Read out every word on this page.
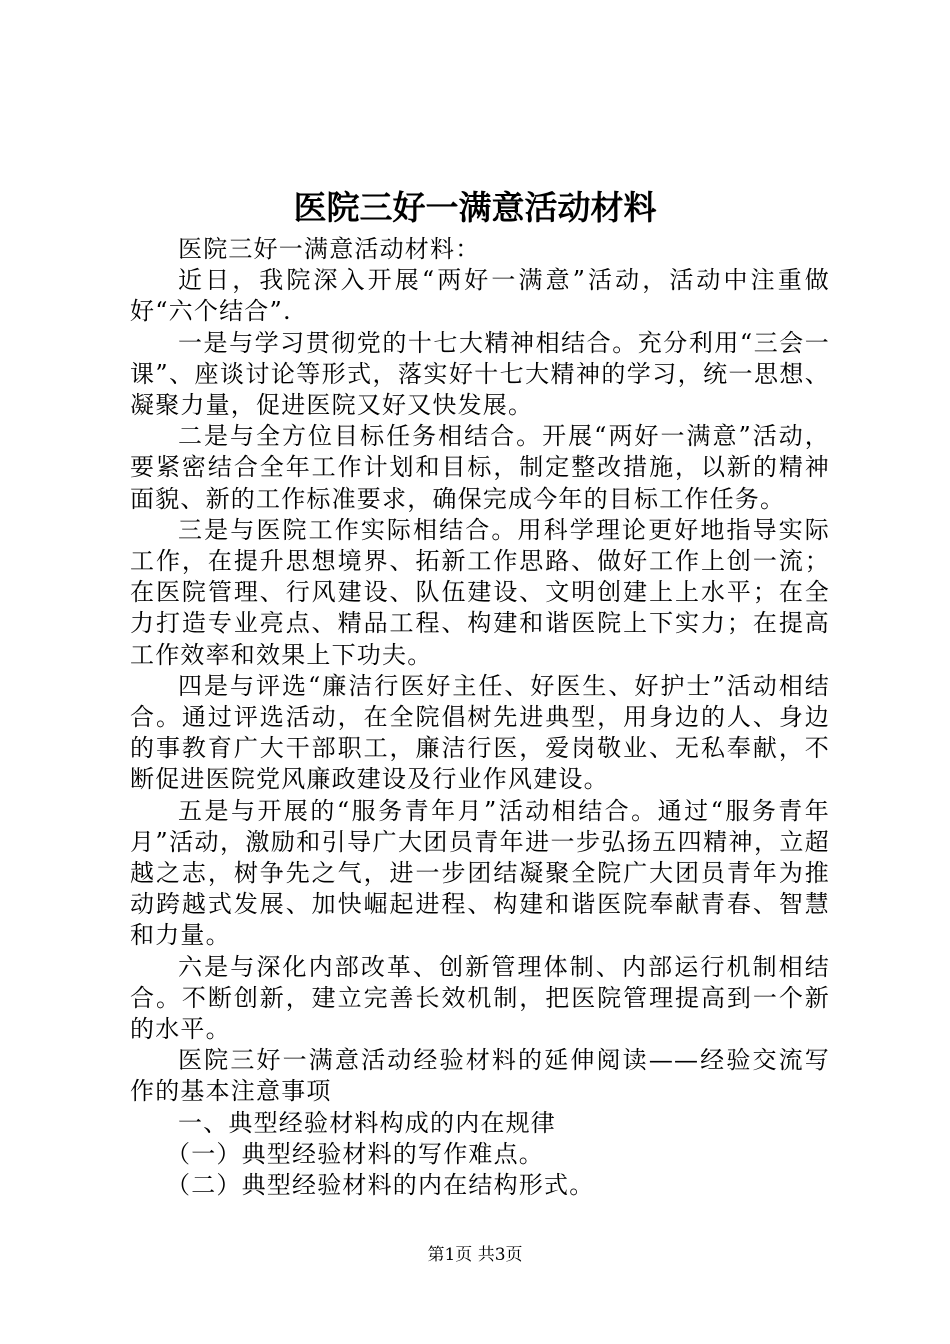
医院三好一满意活动材料

医院三好一满意活动材料：

近日，我院深入开展“两好一满意”活动，活动中注重做好“六个结合”.

一是与学习贯彻党的十七大精神相结合。充分利用“三会一课”、座谈讨论等形式，落实好十七大精神的学习，统一思想、凝聚力量，促进医院又好又快发展。

二是与全方位目标任务相结合。开展“两好一满意”活动，要紧密结合全年工作计划和目标，制定整改措施，以新的精神面貌、新的工作标准要求，确保完成今年的目标工作任务。

三是与医院工作实际相结合。用科学理论更好地指导实际工作，在提升思想境界、拓新工作思路、做好工作上创一流；在医院管理、行风建设、队伍建设、文明创建上上水平；在全力打造专业亮点、精品工程、构建和谐医院上下实力；在提高工作效率和效果上下功夫。

四是与评选“廉洁行医好主任、好医生、好护士”活动相结合。通过评选活动，在全院倡树先进典型，用身边的人、身边的事教育广大干部职工，廉洁行医，爱岗敬业、无私奉献，不断促进医院党风廉政建设及行业作风建设。

五是与开展的“服务青年月”活动相结合。通过“服务青年月”活动，激励和引导广大团员青年进一步弘扬五四精神，立超越之志，树争先之气，进一步团结凝聚全院广大团员青年为推动跨越式发展、加快崛起进程、构建和谐医院奉献青春、智慧和力量。

六是与深化内部改革、创新管理体制、内部运行机制相结合。不断创新，建立完善长效机制，把医院管理提高到一个新的水平。

医院三好一满意活动经验材料的延伸阅读——经验交流写作的基本注意事项

一、典型经验材料构成的内在规律

（一）典型经验材料的写作难点。

（二）典型经验材料的内在结构形式。

第1页 共3页
